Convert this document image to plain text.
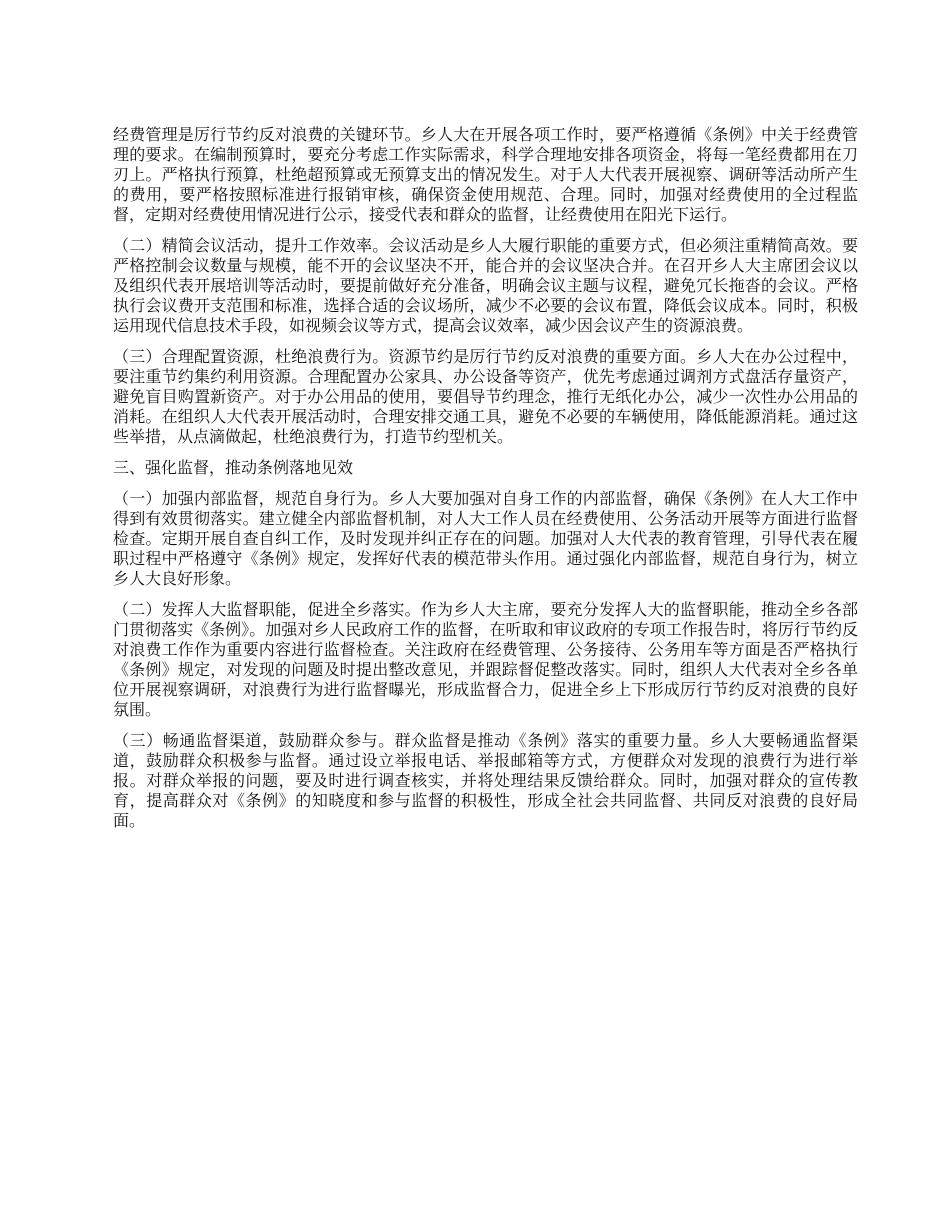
经费管理是厉行节约反对浪费的关键环节。乡人大在开展各项工作时，要严格遵循《条例》中关于经费管理的要求。在编制预算时，要充分考虑工作实际需求，科学合理地安排各项资金，将每一笔经费都用在刀刃上。严格执行预算，杜绝超预算或无预算支出的情况发生。对于人大代表开展视察、调研等活动所产生的费用，要严格按照标准进行报销审核，确保资金使用规范、合理。同时，加强对经费使用的全过程监督，定期对经费使用情况进行公示，接受代表和群众的监督，让经费使用在阳光下运行。

（二）精简会议活动，提升工作效率。会议活动是乡人大履行职能的重要方式，但必须注重精简高效。要严格控制会议数量与规模，能不开的会议坚决不开，能合并的会议坚决合并。在召开乡人大主席团会议以及组织代表开展培训等活动时，要提前做好充分准备，明确会议主题与议程，避免冗长拖沓的会议。严格执行会议费开支范围和标准，选择合适的会议场所，减少不必要的会议布置，降低会议成本。同时，积极运用现代信息技术手段，如视频会议等方式，提高会议效率，减少因会议产生的资源浪费。

（三）合理配置资源，杜绝浪费行为。资源节约是厉行节约反对浪费的重要方面。乡人大在办公过程中，要注重节约集约利用资源。合理配置办公家具、办公设备等资产，优先考虑通过调剂方式盘活存量资产，避免盲目购置新资产。对于办公用品的使用，要倡导节约理念，推行无纸化办公，减少一次性办公用品的消耗。在组织人大代表开展活动时，合理安排交通工具，避免不必要的车辆使用，降低能源消耗。通过这些举措，从点滴做起，杜绝浪费行为，打造节约型机关。

三、强化监督，推动条例落地见效

（一）加强内部监督，规范自身行为。乡人大要加强对自身工作的内部监督，确保《条例》在人大工作中得到有效贯彻落实。建立健全内部监督机制，对人大工作人员在经费使用、公务活动开展等方面进行监督检查。定期开展自查自纠工作，及时发现并纠正存在的问题。加强对人大代表的教育管理，引导代表在履职过程中严格遵守《条例》规定，发挥好代表的模范带头作用。通过强化内部监督，规范自身行为，树立乡人大良好形象。

（二）发挥人大监督职能，促进全乡落实。作为乡人大主席，要充分发挥人大的监督职能，推动全乡各部门贯彻落实《条例》。加强对乡人民政府工作的监督，在听取和审议政府的专项工作报告时，将厉行节约反对浪费工作作为重要内容进行监督检查。关注政府在经费管理、公务接待、公务用车等方面是否严格执行《条例》规定，对发现的问题及时提出整改意见，并跟踪督促整改落实。同时，组织人大代表对全乡各单位开展视察调研，对浪费行为进行监督曝光，形成监督合力，促进全乡上下形成厉行节约反对浪费的良好氛围。

（三）畅通监督渠道，鼓励群众参与。群众监督是推动《条例》落实的重要力量。乡人大要畅通监督渠道，鼓励群众积极参与监督。通过设立举报电话、举报邮箱等方式，方便群众对发现的浪费行为进行举报。对群众举报的问题，要及时进行调查核实，并将处理结果反馈给群众。同时，加强对群众的宣传教育，提高群众对《条例》的知晓度和参与监督的积极性，形成全社会共同监督、共同反对浪费的良好局面。
